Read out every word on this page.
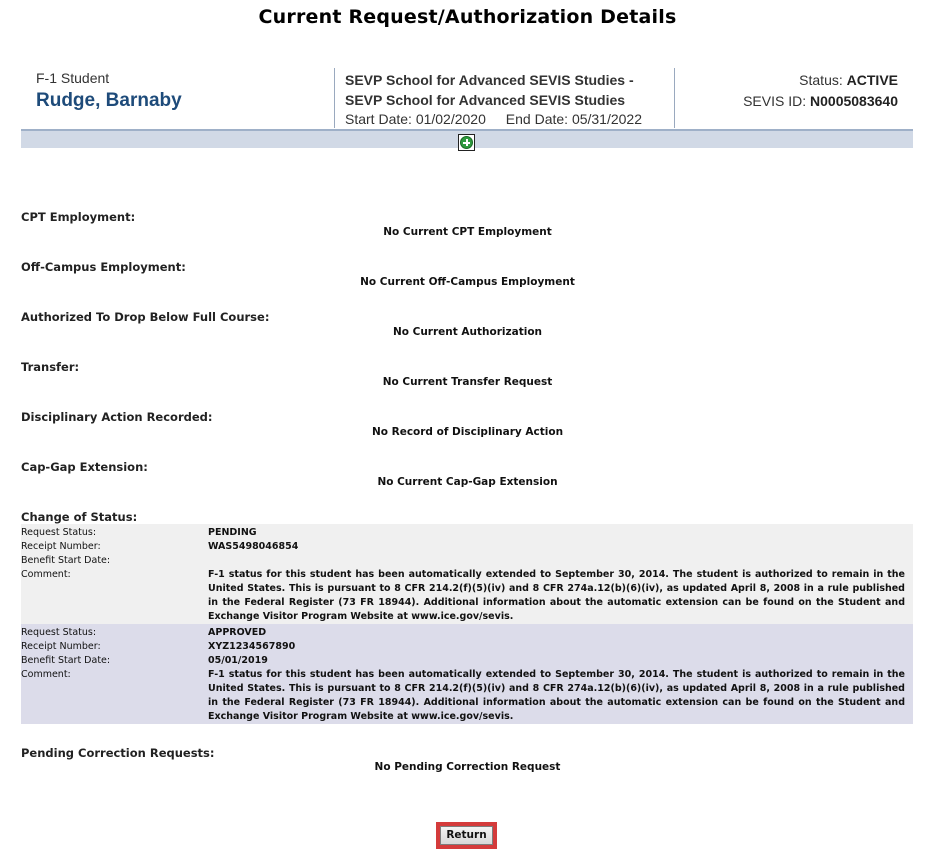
Current Request/Authorization Details
F-1 Student
Rudge, Barnaby
SEVP School for Advanced SEVIS Studies -
SEVP School for Advanced SEVIS Studies
Start Date: 01/02/2020 End Date: 05/31/2022
Status: ACTIVE
SEVIS ID: N0005083640
CPT Employment:
No Current CPT Employment
Off-Campus Employment:
No Current Off-Campus Employment
Authorized To Drop Below Full Course:
No Current Authorization
Transfer:
No Current Transfer Request
Disciplinary Action Recorded:
No Record of Disciplinary Action
Cap-Gap Extension:
No Current Cap-Gap Extension
Change of Status:
Request Status:	PENDING
Receipt Number:	WAS5498046854
Benefit Start Date:
Comment:	F-1 status for this student has been automatically extended to September 30, 2014. The student is authorized to remain in the United States. This is pursuant to 8 CFR 214.2(f)(5)(iv) and 8 CFR 274a.12(b)(6)(iv), as updated April 8, 2008 in a rule published in the Federal Register (73 FR 18944). Additional information about the automatic extension can be found on the Student and Exchange Visitor Program Website at www.ice.gov/sevis.
Request Status:	APPROVED
Receipt Number:	XYZ1234567890
Benefit Start Date:	05/01/2019
Comment:	F-1 status for this student has been automatically extended to September 30, 2014. The student is authorized to remain in the United States. This is pursuant to 8 CFR 214.2(f)(5)(iv) and 8 CFR 274a.12(b)(6)(iv), as updated April 8, 2008 in a rule published in the Federal Register (73 FR 18944). Additional information about the automatic extension can be found on the Student and Exchange Visitor Program Website at www.ice.gov/sevis.
Pending Correction Requests:
No Pending Correction Request
Return
